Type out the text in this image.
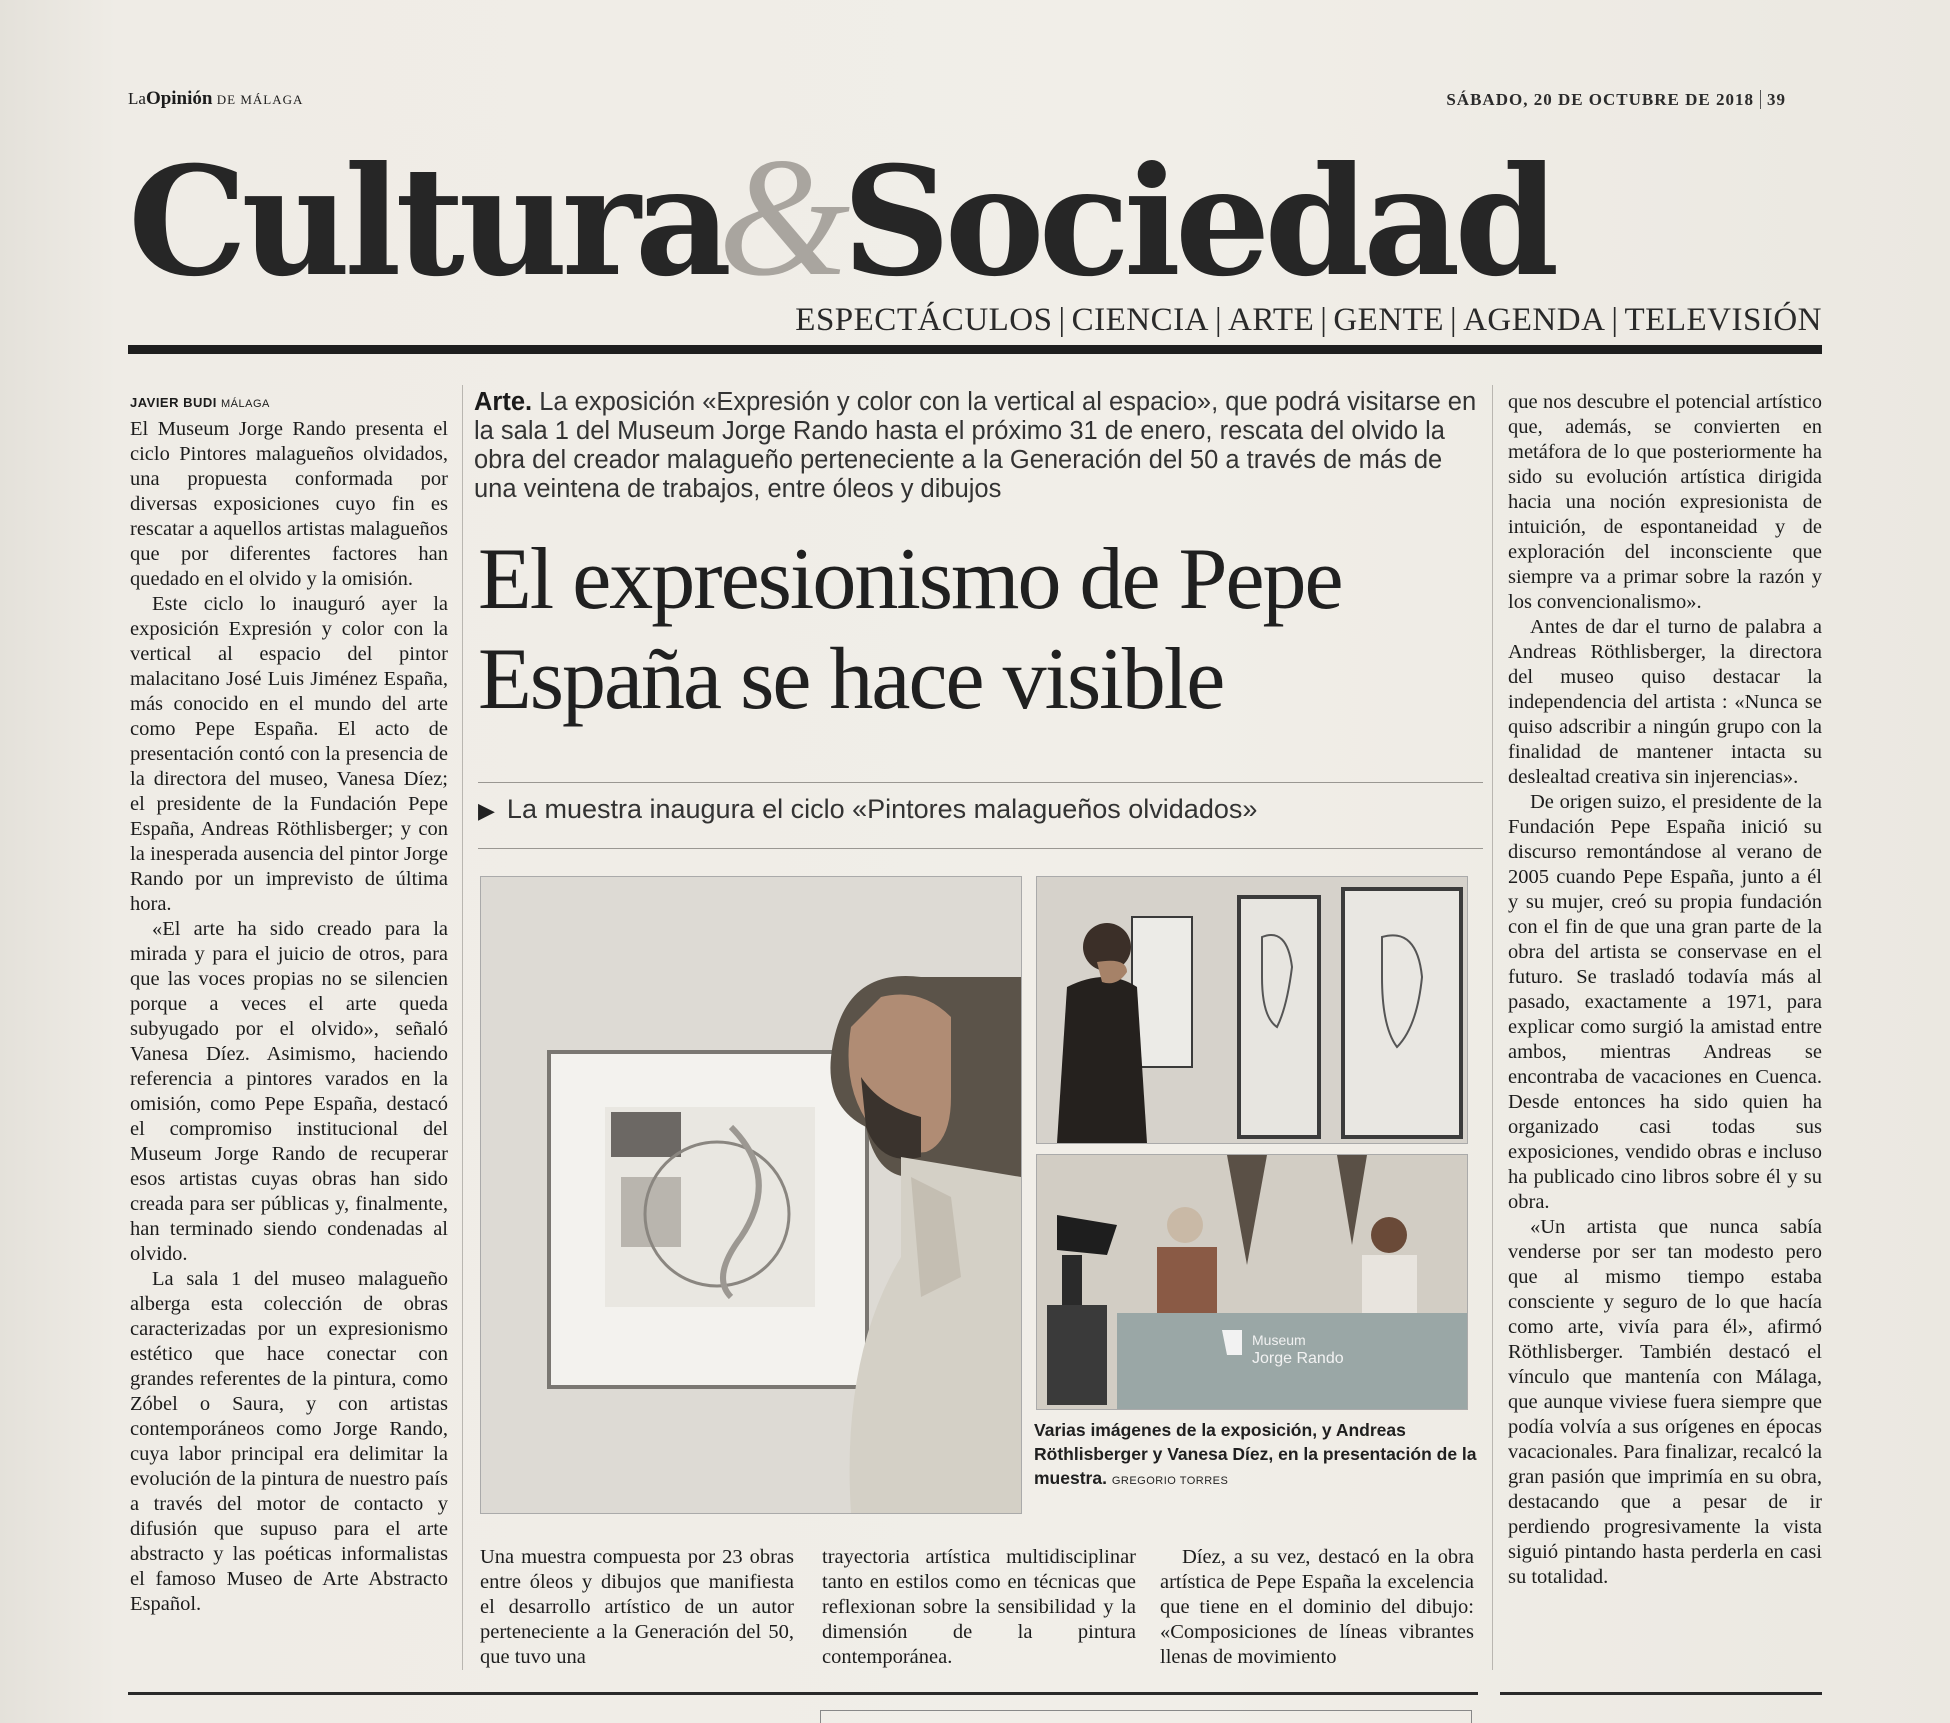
LaOpinión DE MÁLAGA	SÁBADO, 20 DE OCTUBRE DE 2018 39
Cultura&Sociedad
ESPECTÁCULOS | CIENCIA | ARTE | GENTE | AGENDA | TELEVISIÓN
JAVIER BUDI MÁLAGA

El Museum Jorge Rando presenta el ciclo Pintores malagueños olvidados, una propuesta conformada por diversas exposiciones cuyo fin es rescatar a aquellos artistas malagueños que por diferentes factores han quedado en el olvido y la omisión.

Este ciclo lo inauguró ayer la exposición Expresión y color con la vertical al espacio del pintor malacitano José Luis Jiménez España, más conocido en el mundo del arte como Pepe España. El acto de presentación contó con la presencia de la directora del museo, Vanesa Díez; el presidente de la Fundación Pepe España, Andreas Röthlisberger; y con la inesperada ausencia del pintor Jorge Rando por un imprevisto de última hora.

«El arte ha sido creado para la mirada y para el juicio de otros, para que las voces propias no se silencien porque a veces el arte queda subyugado por el olvido», señaló Vanesa Díez. Asimismo, haciendo referencia a pintores varados en la omisión, como Pepe España, destacó el compromiso institucional del Museum Jorge Rando de recuperar esos artistas cuyas obras han sido creada para ser públicas y, finalmente, han terminado siendo condenadas al olvido.

La sala 1 del museo malagueño alberga esta colección de obras caracterizadas por un expresionismo estético que hace conectar con grandes referentes de la pintura, como Zóbel o Saura, y con artistas contemporáneos como Jorge Rando, cuya labor principal era delimitar la evolución de la pintura de nuestro país a través del motor de contacto y difusión que supuso para el arte abstracto y las poéticas informalistas el famoso Museo de Arte Abstracto Español.

Arte. La exposición «Expresión y color con la vertical al espacio», que podrá visitarse en la sala 1 del Museum Jorge Rando hasta el próximo 31 de enero, rescata del olvido la obra del creador malagueño perteneciente a la Generación del 50 a través de más de una veintena de trabajos, entre óleos y dibujos
El expresionismo de Pepe España se hace visible
▶ La muestra inaugura el ciclo «Pintores malagueños olvidados»
Museum
Jorge Rando
Varias imágenes de la exposición, y Andreas Röthlisberger y Vanesa Díez, en la presentación de la muestra. GREGORIO TORRES

Una muestra compuesta por 23 obras entre óleos y dibujos que manifiesta el desarrollo artístico de un autor perteneciente a la Generación del 50, que tuvo una

trayectoria artística multidisciplinar tanto en estilos como en técnicas que reflexionan sobre la sensibilidad y la dimensión de la pintura contemporánea.

Díez, a su vez, destacó en la obra artística de Pepe España la excelencia que tiene en el dominio del dibujo: «Composiciones de líneas vibrantes llenas de movimiento

que nos descubre el potencial artístico que, además, se convierten en metáfora de lo que posteriormente ha sido su evolución artística dirigida hacia una noción expresionista de intuición, de espontaneidad y de exploración del inconsciente que siempre va a primar sobre la razón y los convencionalismo».

Antes de dar el turno de palabra a Andreas Röthlisberger, la directora del museo quiso destacar la independencia del artista : «Nunca se quiso adscribir a ningún grupo con la finalidad de mantener intacta su deslealtad creativa sin injerencias».

De origen suizo, el presidente de la Fundación Pepe España inició su discurso remontándose al verano de 2005 cuando Pepe España, junto a él y su mujer, creó su propia fundación con el fin de que una gran parte de la obra del artista se conservase en el futuro. Se trasladó todavía más al pasado, exactamente a 1971, para explicar como surgió la amistad entre ambos, mientras Andreas se encontraba de vacaciones en Cuenca. Desde entonces ha sido quien ha organizado casi todas sus exposiciones, vendido obras e incluso ha publicado cino libros sobre él y su obra.

«Un artista que nunca sabía venderse por ser tan modesto pero que al mismo tiempo estaba consciente y seguro de lo que hacía como arte, vivía para él», afirmó Röthlisberger. También destacó el vínculo que mantenía con Málaga, que aunque viviese fuera siempre que podía volvía a sus orígenes en épocas vacacionales. Para finalizar, recalcó la gran pasión que imprimía en su obra, destacando que a pesar de ir perdiendo progresivamente la vista siguió pintando hasta perderla en casi su totalidad.
